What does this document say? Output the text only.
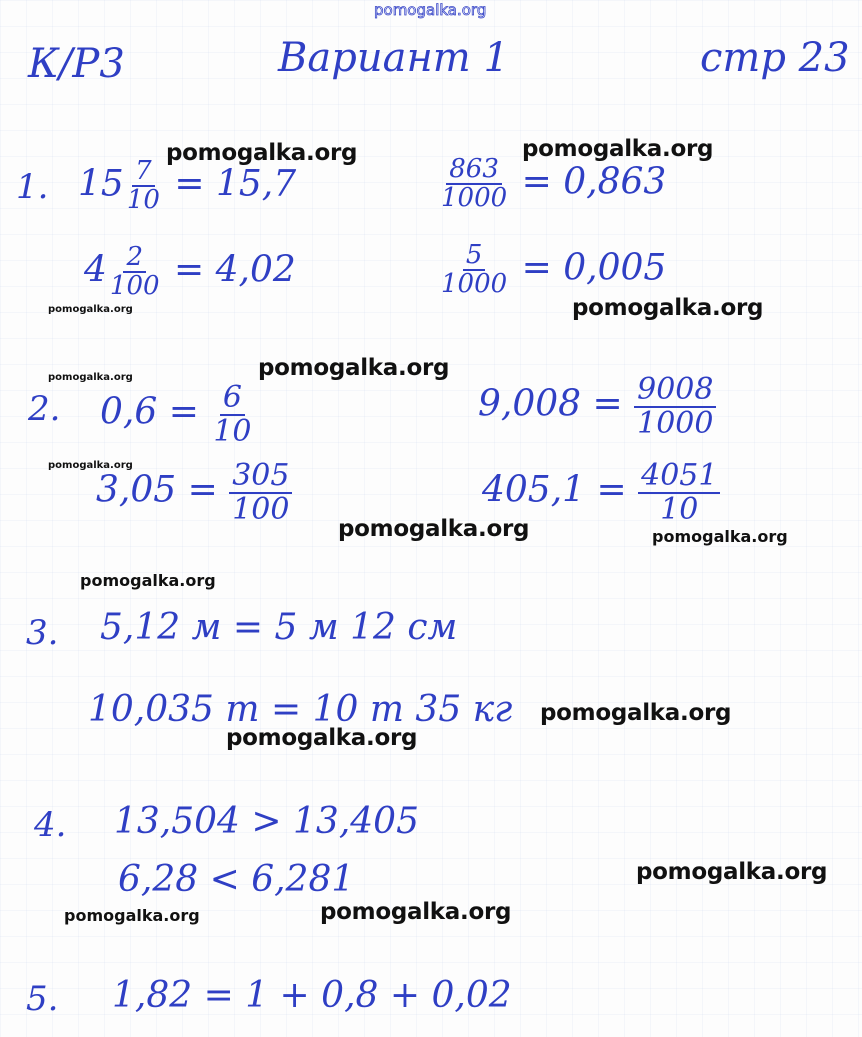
pomogalka.org
К/Р3	Вариант 1	стр 23
1. $15 \frac{7}{10} = 15,7$	$\frac{863}{1000} = 0,863$
$4 \frac{2}{100} = 4,02$	$\frac{5}{1000} = 0,005$
2. $0,6 = \frac{6}{10}$	$9,008 = \frac{9008}{1000}$
$3,05 = \frac{305}{100}$	$405,1 = \frac{4051}{10}$
3. 5,12 м = 5 м 12 см
10,035 т = 10 т 35 кг
4. 13,504 > 13,405
6,28 < 6,281
5. 1,82 = 1 + 0,8 + 0,02
pomogalka.org	pomogalka.org
pomogalka.org
pomogalka.org
pomogalka.org	pomogalka.org
pomogalka.org
pomogalka.org	pomogalka.org
pomogalka.org
pomogalka.org
pomogalka.org
pomogalka.org
pomogalka.org	pomogalka.org
